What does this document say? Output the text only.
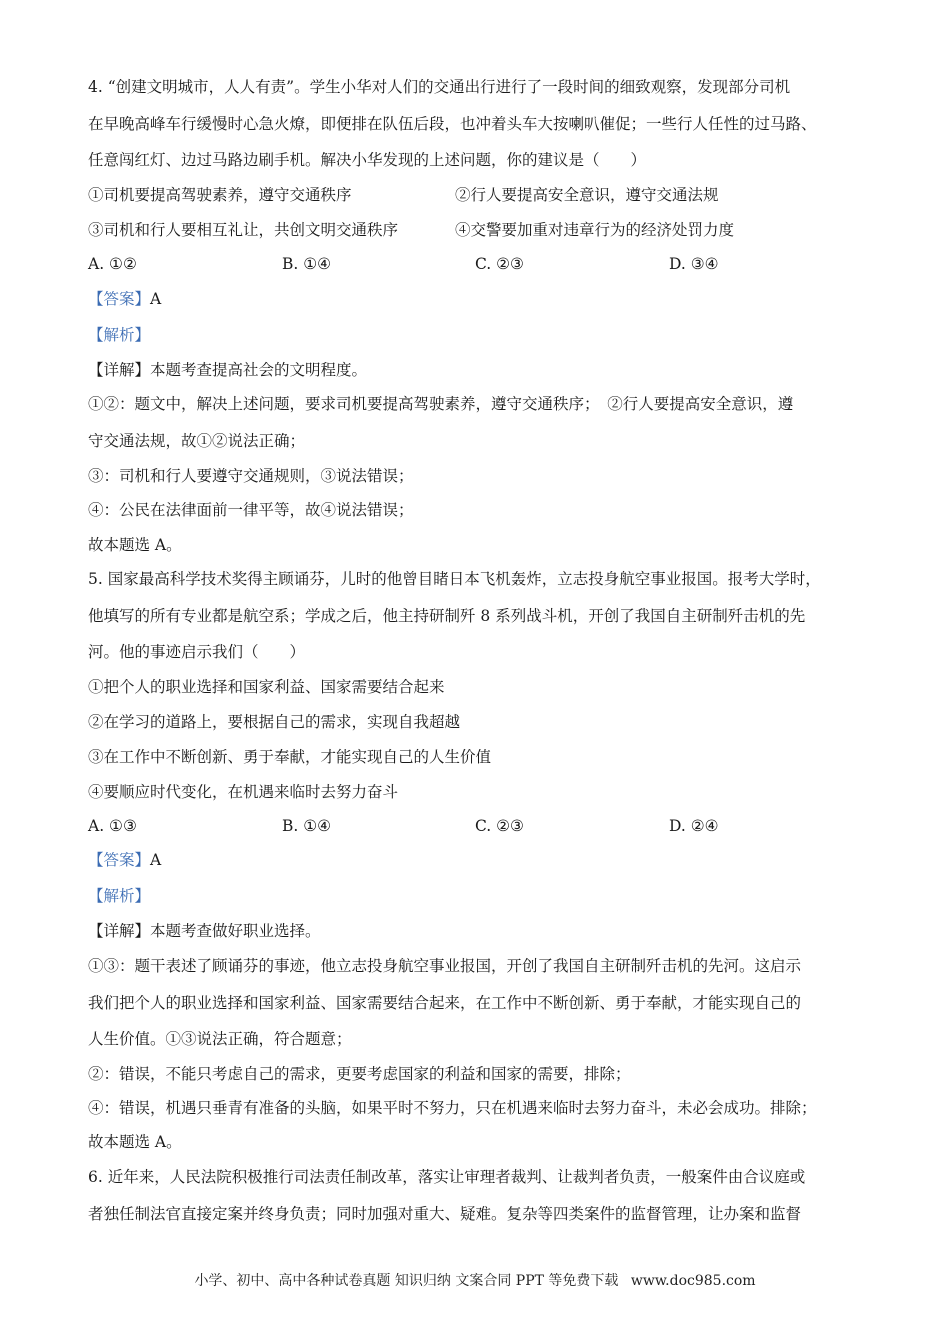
4. “创建文明城市，人人有责”。学生小华对人们的交通出行进行了一段时间的细致观察，发现部分司机
在早晚高峰车行缓慢时心急火燎，即便排在队伍后段，也冲着头车大按喇叭催促；一些行人任性的过马路、
任意闯红灯、边过马路边刷手机。解决小华发现的上述问题，你的建议是（　　）
①司机要提高驾驶素养，遵守交通秩序	②行人要提高安全意识，遵守交通法规
③司机和行人要相互礼让，共创文明交通秩序	④交警要加重对违章行为的经济处罚力度
A. ①②	B. ①④	C. ②③	D. ③④
【答案】A
【解析】
【详解】本题考查提高社会的文明程度。
①②：题文中，解决上述问题，要求司机要提高驾驶素养，遵守交通秩序；　②行人要提高安全意识，遵
守交通法规，故①②说法正确；
③：司机和行人要遵守交通规则，③说法错误；
④：公民在法律面前一律平等，故④说法错误；
故本题选 A。
5. 国家最高科学技术奖得主顾诵芬，儿时的他曾目睹日本飞机轰炸，立志投身航空事业报国。报考大学时，
他填写的所有专业都是航空系；学成之后，他主持研制歼 8 系列战斗机，开创了我国自主研制歼击机的先
河。他的事迹启示我们（　　）
①把个人的职业选择和国家利益、国家需要结合起来
②在学习的道路上，要根据自己的需求，实现自我超越
③在工作中不断创新、勇于奉献，才能实现自己的人生价值
④要顺应时代变化，在机遇来临时去努力奋斗
A. ①③	B. ①④	C. ②③	D. ②④
【答案】A
【解析】
【详解】本题考查做好职业选择。
①③：题干表述了顾诵芬的事迹，他立志投身航空事业报国，开创了我国自主研制歼击机的先河。这启示
我们把个人的职业选择和国家利益、国家需要结合起来，在工作中不断创新、勇于奉献，才能实现自己的
人生价值。①③说法正确，符合题意；
②：错误，不能只考虑自己的需求，更要考虑国家的利益和国家的需要，排除；
④：错误，机遇只垂青有准备的头脑，如果平时不努力，只在机遇来临时去努力奋斗，未必会成功。排除；
故本题选 A。
6. 近年来，人民法院积极推行司法责任制改革，落实让审理者裁判、让裁判者负责，一般案件由合议庭或
者独任制法官直接定案并终身负责；同时加强对重大、疑难。复杂等四类案件的监督管理，让办案和监督
小学、初中、高中各种试卷真题 知识归纳 文案合同 PPT 等免费下载 www.doc985.com
